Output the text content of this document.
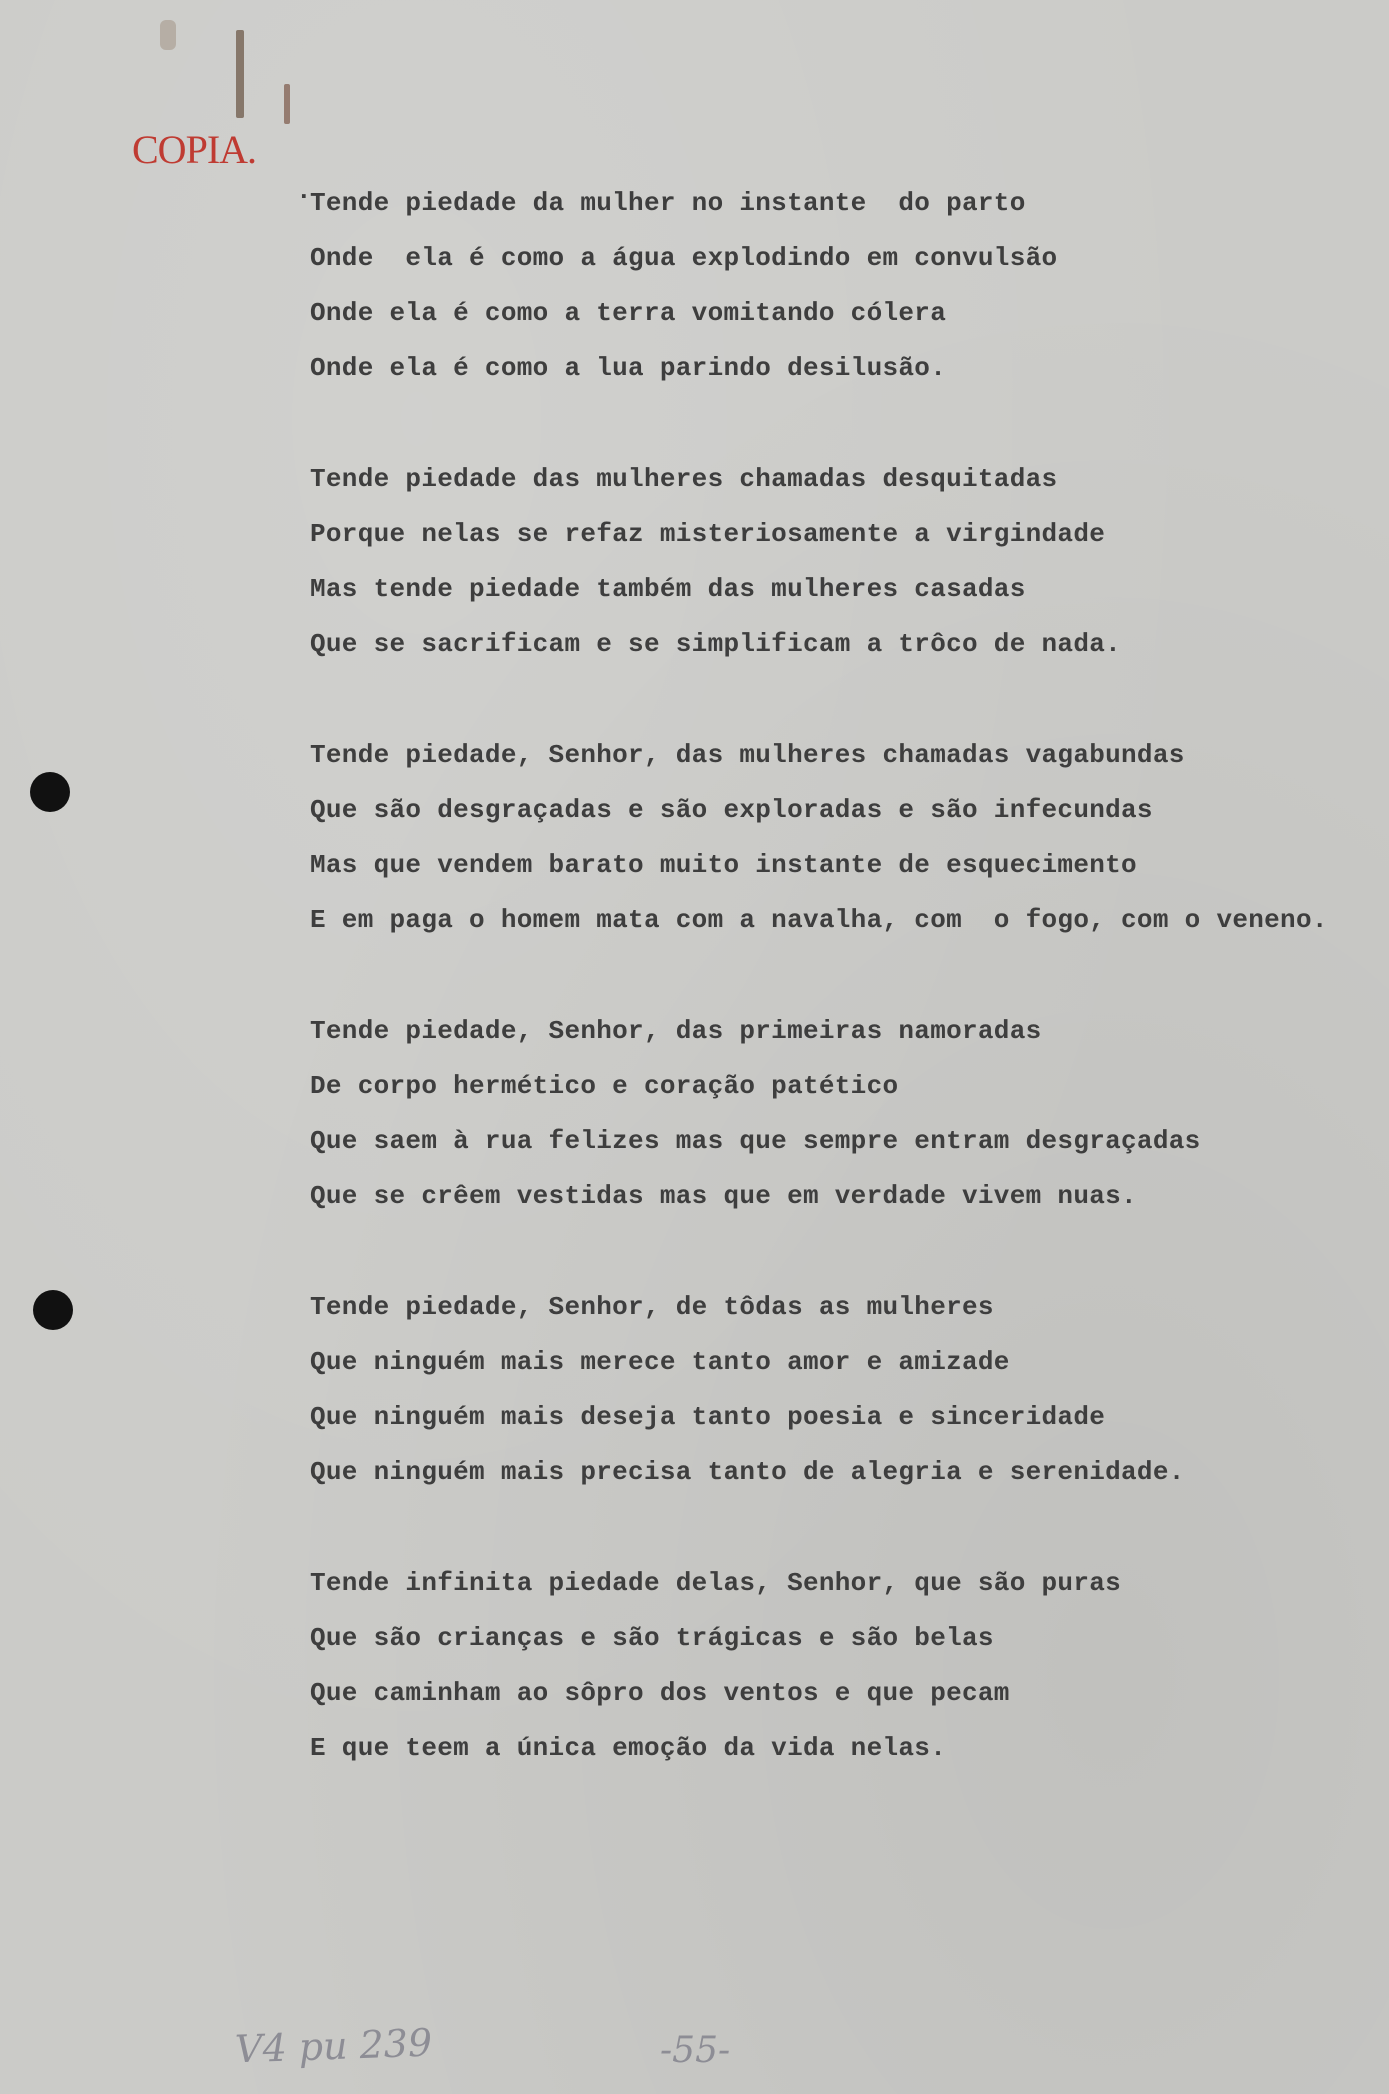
COPIA.
.
Tende piedade da mulher no instante  do parto
Onde  ela é como a água explodindo em convulsão
Onde ela é como a terra vomitando cólera
Onde ela é como a lua parindo desilusão.
Tende piedade das mulheres chamadas desquitadas
Porque nelas se refaz misteriosamente a virgindade
Mas tende piedade também das mulheres casadas
Que se sacrificam e se simplificam a trôco de nada.
Tende piedade, Senhor, das mulheres chamadas vagabundas
Que são desgraçadas e são exploradas e são infecundas
Mas que vendem barato muito instante de esquecimento
E em paga o homem mata com a navalha, com  o fogo, com o veneno.
Tende piedade, Senhor, das primeiras namoradas
De corpo hermético e coração patético
Que saem à rua felizes mas que sempre entram desgraçadas
Que se crêem vestidas mas que em verdade vivem nuas.
Tende piedade, Senhor, de tôdas as mulheres
Que ninguém mais merece tanto amor e amizade
Que ninguém mais deseja tanto poesia e sinceridade
Que ninguém mais precisa tanto de alegria e serenidade.
Tende infinita piedade delas, Senhor, que são puras
Que são crianças e são trágicas e são belas
Que caminham ao sôpro dos ventos e que pecam
E que teem a única emoção da vida nelas.
V4 pu 239	-55-
